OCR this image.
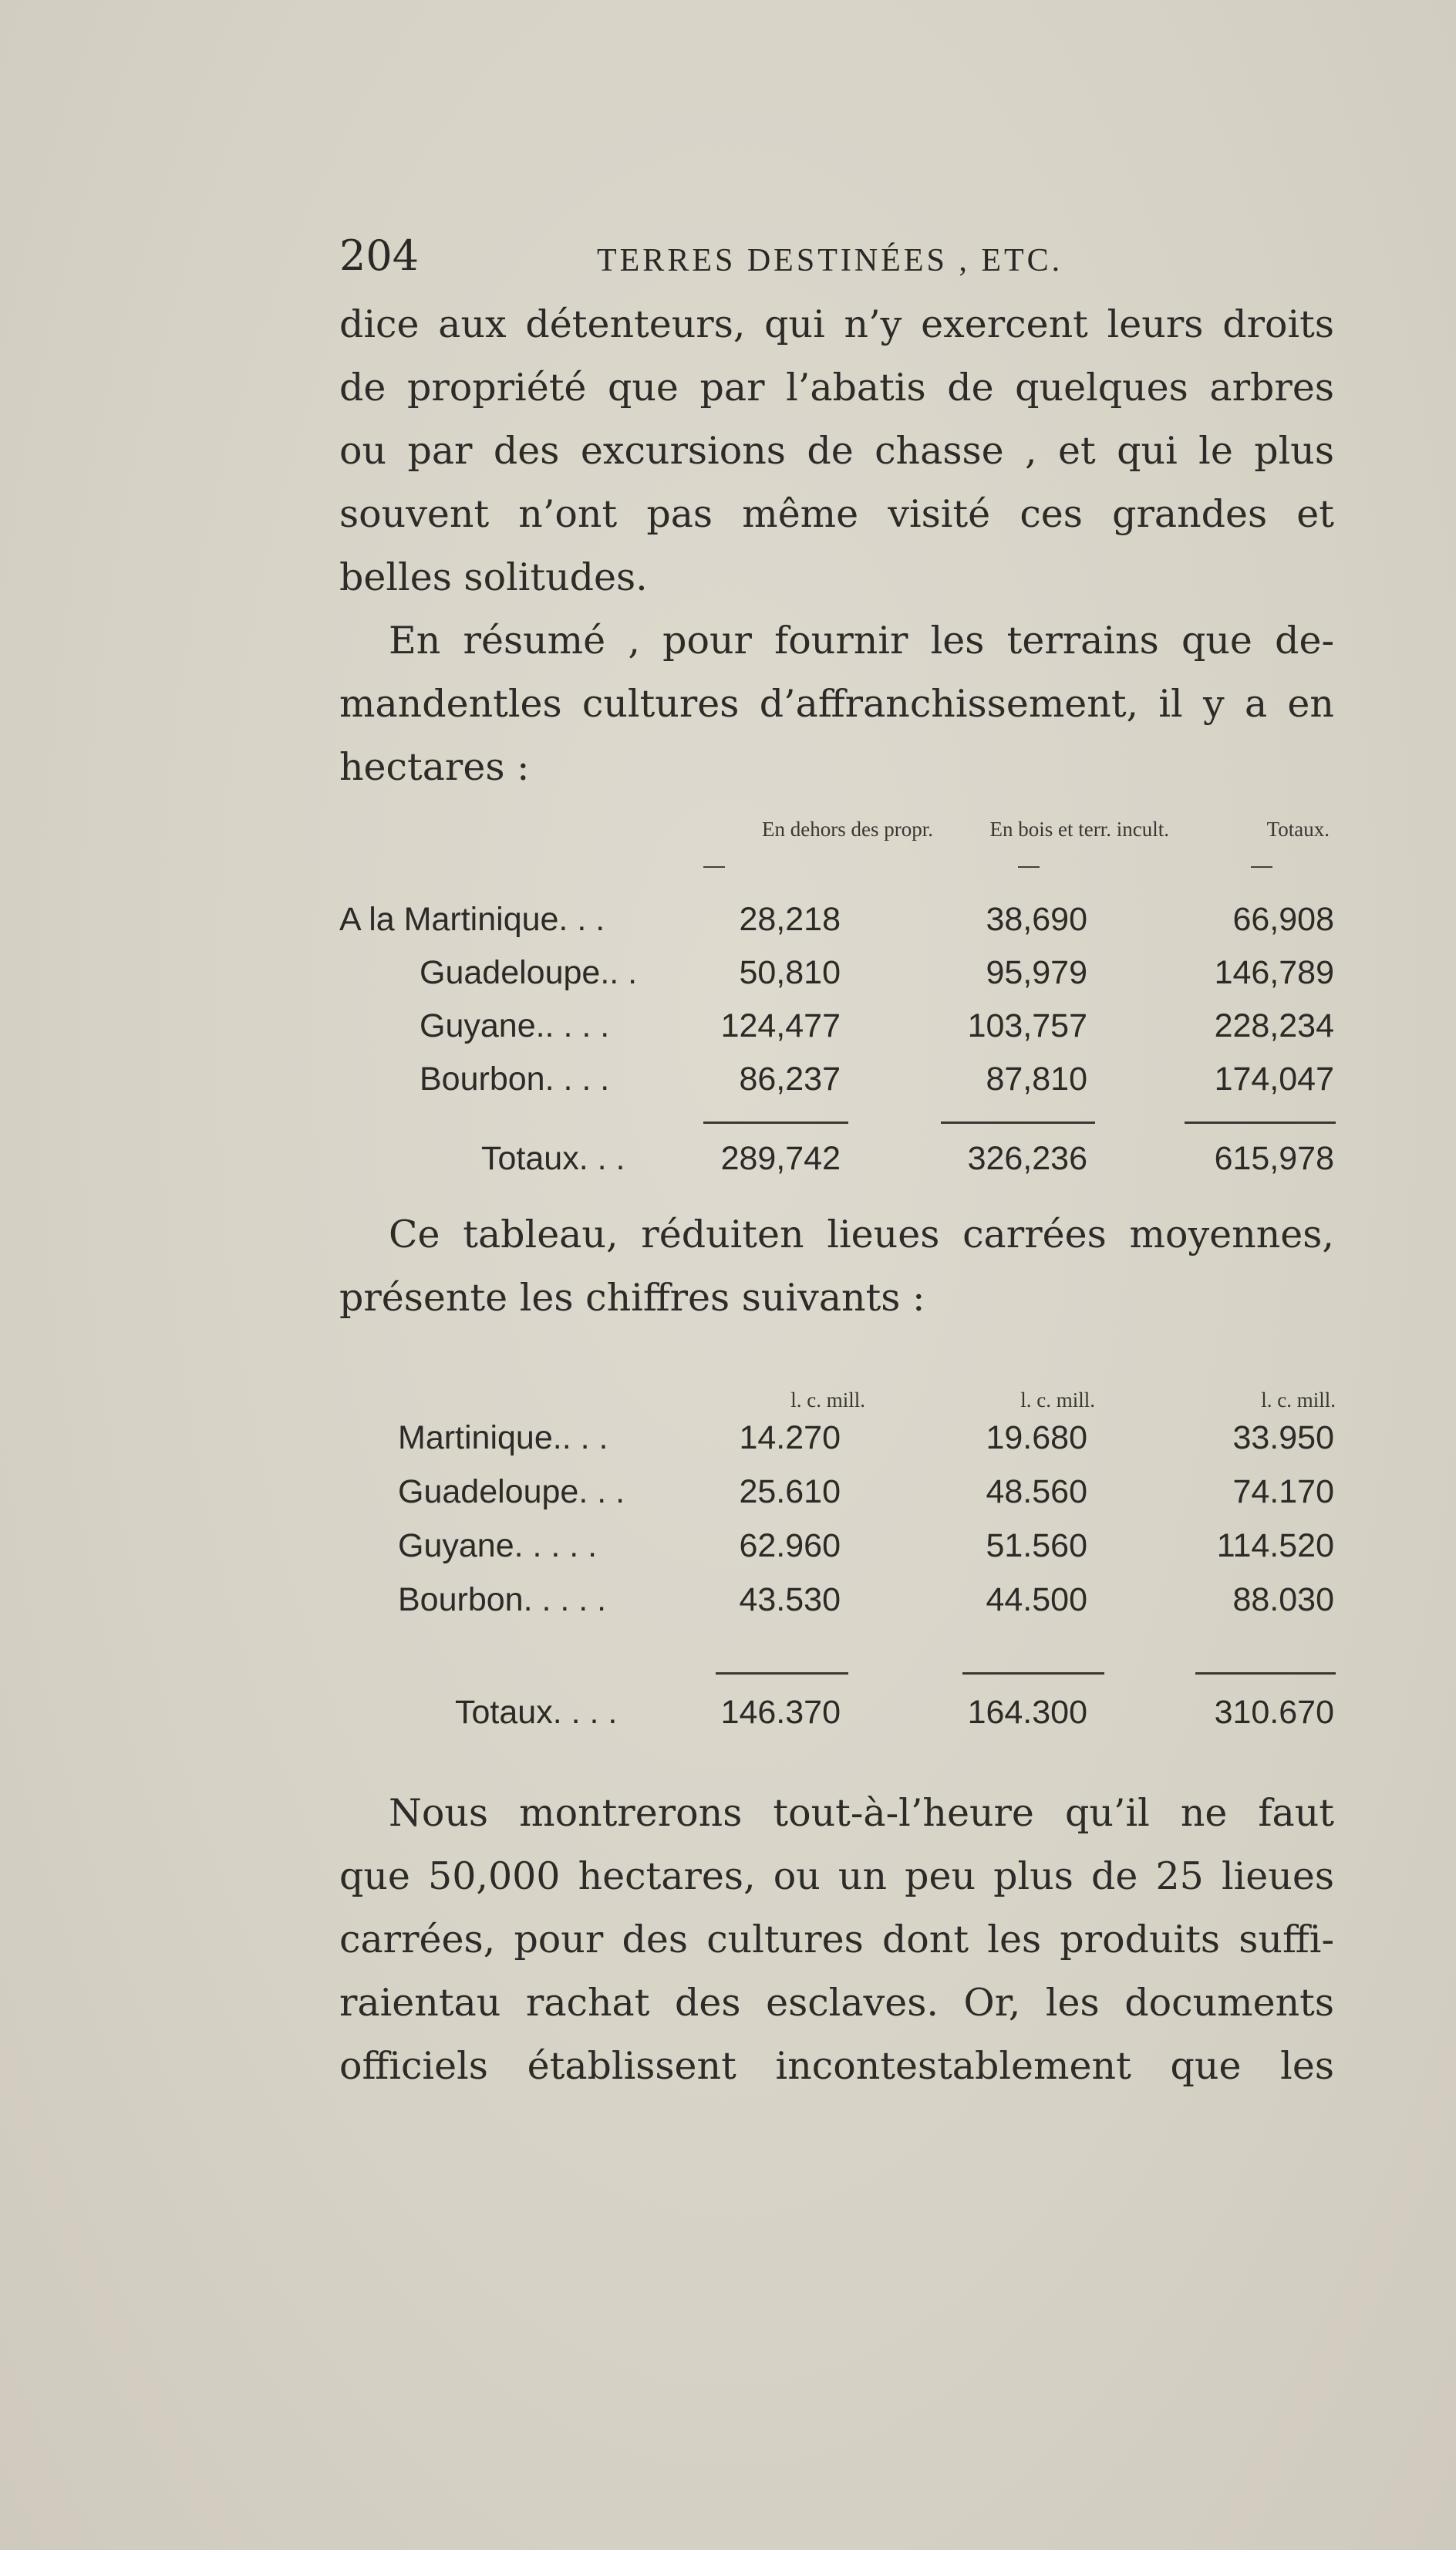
204	TERRES DESTINÉES , ETC.
dice aux détenteurs, qui n’y exercent leurs droits
de propriété que par l’abatis de quelques arbres
ou par des excursions de chasse , et qui le plus
souvent n’ont pas même visité ces grandes et
belles solitudes.
En résumé , pour fournir les terrains que de-
mandentles cultures d’affranchissement, il y a en
hectares :
En dehors des propr.	En bois et terr. incult.	Totaux.
—	—	—
A la Martinique. . .	28,218	38,690	66,908
Guadeloupe.. .	50,810	95,979	146,789
Guyane.. . . .	124,477	103,757	228,234
Bourbon. . . .	86,237	87,810	174,047
Totaux. . .	289,742	326,236	615,978
Ce tableau, réduiten lieues carrées moyennes,
présente les chiffres suivants :
l. c. mill.	l. c. mill.	l. c. mill.
Martinique.. . .	14.270	19.680	33.950
Guadeloupe. . .	25.610	48.560	74.170
Guyane. . . . .	62.960	51.560	114.520
Bourbon. . . . .	43.530	44.500	88.030
Totaux. . . .	146.370	164.300	310.670
Nous montrerons tout-à-l’heure qu’il ne faut
que 50,000 hectares, ou un peu plus de 25 lieues
carrées, pour des cultures dont les produits suffi-
raientau rachat des esclaves. Or, les documents
officiels établissent incontestablement que les
